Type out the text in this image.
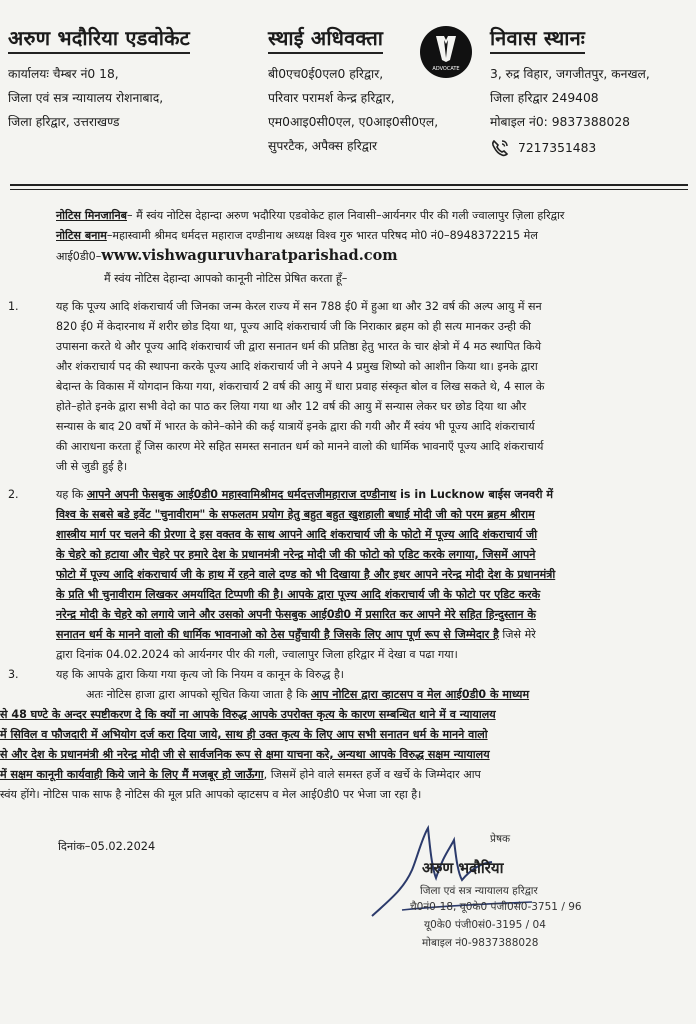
अरुण भदौरिया एडवोकेट
कार्यालयः चैम्बर नं0 18,
जिला एवं सत्र न्यायालय रोशनाबाद,
जिला हरिद्वार, उत्तराखण्ड
स्थाई अधिवक्ता
बी0एच0ई0एल0 हरिद्वार,
परिवार परामर्श केन्द्र हरिद्वार,
एम0आइ0सी0एल, ए0आइ0सी0एल,
सुपरटैक, अपैक्स हरिद्वार
ADVOCATE
निवास स्थानः
3, रुद्र विहार, जगजीतपुर, कनखल,
जिला हरिद्वार 249408
मोबाइल नं0: 9837388028
7217351483
नोटिस मिनजानिब– मैं स्वंय नोटिस देहान्दा अरुण भदौरिया एडवोकेट हाल निवासी–आर्यनगर पीर की गली ज्वालापुर ज़िला हरिद्वार
नोटिस बनाम–महास्वामी श्रीमद धर्मदत्त महाराज दण्डीनाथ अध्यक्ष विश्व गुरु भारत परिषद मो0 नं0–8948372215 मेल
आई0डी0–www.vishwaguruvharatparishad.com
मैं स्वंय नोटिस देहान्दा आपको कानूनी नोटिस प्रेषित करता हूँ–
1.	यह कि पूज्य आदि शंकराचार्य जी जिनका जन्म केरल राज्य में सन 788 ई0 में हुआ था और 32 वर्ष की अल्प आयु में सन
820 ई0 में केदारनाथ में शरीर छोड दिया था, पूज्य आदि शंकराचार्य जी कि निराकार ब्रहम को ही सत्य मानकर उन्ही की
उपासना करते थे और पूज्य आदि शंकराचार्य जी द्वारा सनातन धर्म की प्रतिष्ठा हेतु भारत के चार क्षेत्रो में 4 मठ स्थापित किये
और शंकराचार्य पद की स्थापना करके पूज्य आदि शंकराचार्य जी ने अपने 4 प्रमुख शिष्यो को आशीन किया था। इनके द्वारा
बेदान्त के विकास में योगदान किया गया, शंकराचार्य 2 वर्ष की आयु में धारा प्रवाह संस्कृत बोल व लिख सकते थे, 4 साल के
होते–होते इनके द्वारा सभी वेदो का पाठ कर लिया गया था और 12 वर्ष की आयु में सन्यास लेकर घर छोड दिया था और
सन्यास के बाद 20 वर्षो में भारत के कोने–कोने की कई यात्रायें इनके द्वारा की गयी और मैं स्वंय भी पूज्य आदि शंकराचार्य
की आराधना करता हूँ जिस कारण मेरे सहित समस्त सनातन धर्म को मानने वालो की धार्मिक भावनाएँ पूज्य आदि शंकराचार्य
जी से जुडी हुई है।
2.	यह कि आपने अपनी फेसबुक आई0डी0 महास्वामिश्रीमद धर्मदत्तजीमहाराज दण्डीनाथ is in Lucknow बाईस जनवरी में
विश्व के सबसे बडे इवेंट "चुनावीराम" के सफलतम प्रयोग हेतु बहुत बहुत खुशहाली बधाई मोदी जी को परम ब्रहम श्रीराम
शास्त्रीय मार्ग पर चलने की प्रेरणा दे इस वक्तव के साथ आपने आदि शंकराचार्य जी के फोटो में पूज्य आदि शंकराचार्य जी
के चेहरे को हटाया और चेहरे पर हमारे देश के प्रधानमंत्री नरेन्द्र मोदी जी की फोटो को एडिट करके लगाया, जिसमें आपने
फोटो में पूज्य आदि शंकराचार्य जी के हाथ में रहने वाले दण्ड को भी दिखाया है और इधर आपने नरेन्द्र मोदी देश के प्रधानमंत्री
के प्रति भी चुनावीराम लिखकर अमर्यादित टिप्पणी की है। आपके द्वारा पूज्य आदि शंकराचार्य जी के फोटो पर एडिट करके
नरेन्द्र मोदी के चेहरे को लगाये जाने और उसको अपनी फेसबुक आई0डी0 में प्रसारित कर आपने मेरे सहित हिन्दुस्तान के
सनातन धर्म के मानने वालो की धार्मिक भावनाओ को ठेस पहुँचायी है जिसके लिए आप पूर्ण रूप से जिम्मेदार है जिसे मेरे
द्वारा दिनांक 04.02.2024 को आर्यनगर पीर की गली, ज्वालापुर जिला हरिद्वार में देखा व पढा गया।
3.	यह कि आपके द्वारा किया गया कृत्य जो कि नियम व कानून के विरुद्ध है।
अतः नोटिस हाजा द्वारा आपको सूचित किया जाता है कि आप नोटिस द्वारा व्हाटसप व मेल आई0डी0 के माध्यम
से 48 घण्टे के अन्दर स्पष्टीकरण दे कि क्यों ना आपके विरुद्ध आपके उपरोक्त कृत्य के कारण सम्बन्धित थाने में व न्यायालय
में सिविल व फौजदारी में अभियोग दर्ज करा दिया जाये, साथ ही उक्त कृत्य के लिए आप सभी सनातन धर्म के मानने वालो
से और देश के प्रधानमंत्री श्री नरेन्द्र मोदी जी से सार्वजनिक रूप से क्षमा याचना करे, अन्यथा आपके विरुद्ध सक्षम न्यायालय
में सक्षम कानूनी कार्यवाही किये जाने के लिए मैं मजबूर हो जाऊँगा, जिसमें होने वाले समस्त हर्जे व खर्चे के जिम्मेदार आप
स्वंय होंगे। नोटिस पाक साफ है नोटिस की मूल प्रति आपको व्हाटसप व मेल आई0डी0 पर भेजा जा रहा है।
दिनांक–05.02.2024
प्रेषक
अरुण भदौरिया
जिला एवं सत्र न्यायालय हरिद्वार
चै0नं0-18, यू0के0 पंजी0सं0-3751 / 96
यू0के0 पंजी0सं0-3195 / 04
मोबाइल नं0-9837388028
